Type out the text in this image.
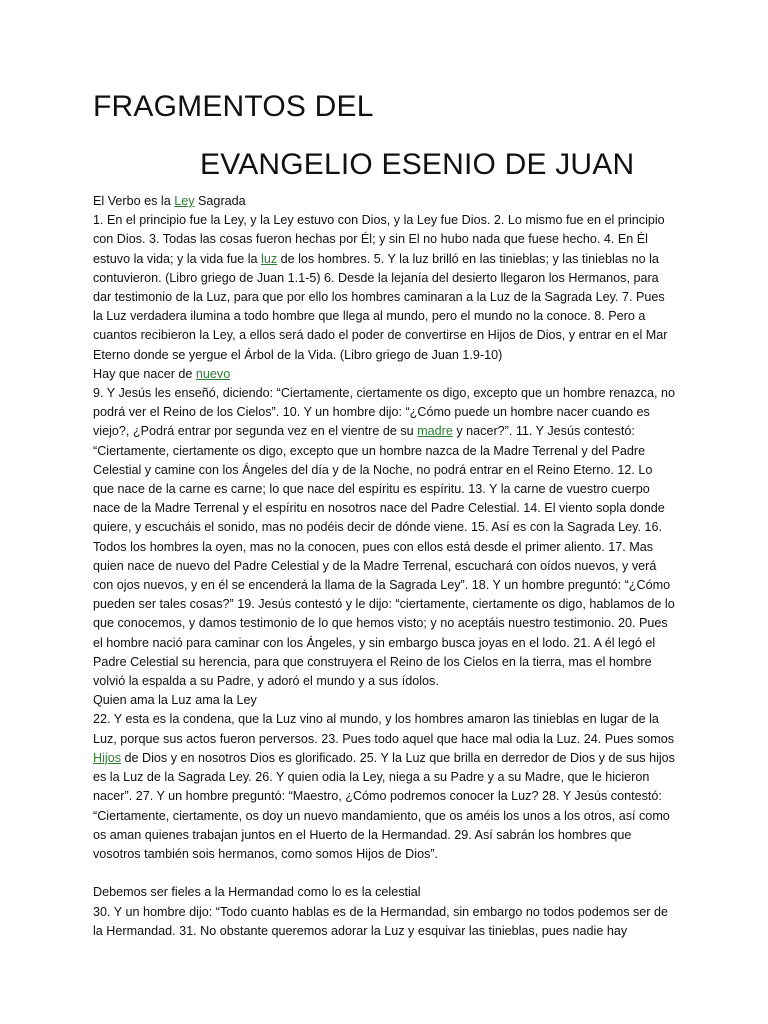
FRAGMENTOS DEL
EVANGELIO ESENIO DE JUAN

El Verbo es la Ley Sagrada

1. En el principio fue la Ley, y la Ley estuvo con Dios, y la Ley fue Dios. 2. Lo mismo fue en el principio con Dios. 3. Todas las cosas fueron hechas por Él; y sin El no hubo nada que fuese hecho. 4. En Él estuvo la vida; y la vida fue la luz de los hombres. 5. Y la luz brilló en las tinieblas; y las tinieblas no la contuvieron. (Libro griego de Juan 1.1-5) 6. Desde la lejanía del desierto llegaron los Hermanos, para dar testimonio de la Luz, para que por ello los hombres caminaran a la Luz de la Sagrada Ley. 7. Pues la Luz verdadera ilumina a todo hombre que llega al mundo, pero el mundo no la conoce. 8. Pero a cuantos recibieron la Ley, a ellos será dado el poder de convertirse en Hijos de Dios, y entrar en el Mar Eterno donde se yergue el Árbol de la Vida. (Libro griego de Juan 1.9-10)

Hay que nacer de nuevo

9. Y Jesús les enseñó, diciendo: “Ciertamente, ciertamente os digo, excepto que un hombre renazca, no podrá ver el Reino de los Cielos”. 10. Y un hombre dijo: “¿Cómo puede un hombre nacer cuando es viejo?, ¿Podrá entrar por segunda vez en el vientre de su madre y nacer?”. 11. Y Jesús contestó: “Ciertamente, ciertamente os digo, excepto que un hombre nazca de la Madre Terrenal y del Padre Celestial y camine con los Ángeles del día y de la Noche, no podrá entrar en el Reino Eterno. 12. Lo que nace de la carne es carne; lo que nace del espíritu es espíritu. 13. Y la carne de vuestro cuerpo nace de la Madre Terrenal y el espíritu en nosotros nace del Padre Celestial. 14. El viento sopla donde quiere, y escucháis el sonido, mas no podéis decir de dónde viene. 15. Así es con la Sagrada Ley. 16. Todos los hombres la oyen, mas no la conocen, pues con ellos está desde el primer aliento. 17. Mas quien nace de nuevo del Padre Celestial y de la Madre Terrenal, escuchará con oídos nuevos, y verá con ojos nuevos, y en él se encenderá la llama de la Sagrada Ley”. 18. Y un hombre preguntó: “¿Cómo pueden ser tales cosas?” 19. Jesús contestó y le dijo: “ciertamente, ciertamente os digo, hablamos de lo que conocemos, y damos testimonio de lo que hemos visto; y no aceptáis nuestro testimonio. 20. Pues el hombre nació para caminar con los Ángeles, y sin embargo busca joyas en el lodo. 21. A él legó el Padre Celestial su herencia, para que construyera el Reino de los Cielos en la tierra, mas el hombre volvió la espalda a su Padre, y adoró el mundo y a sus ídolos.

Quien ama la Luz ama la Ley

22. Y esta es la condena, que la Luz vino al mundo, y los hombres amaron las tinieblas en lugar de la Luz, porque sus actos fueron perversos. 23. Pues todo aquel que hace mal odia la Luz. 24. Pues somos Hijos de Dios y en nosotros Dios es glorificado. 25. Y la Luz que brilla en derredor de Dios y de sus hijos es la Luz de la Sagrada Ley. 26. Y quien odia la Ley, niega a su Padre y a su Madre, que le hicieron nacer”. 27. Y un hombre preguntó: “Maestro, ¿Cómo podremos conocer la Luz? 28. Y Jesús contestó: “Ciertamente, ciertamente, os doy un nuevo mandamiento, que os améis los unos a los otros, así como os aman quienes trabajan juntos en el Huerto de la Hermandad. 29. Así sabrán los hombres que vosotros también sois hermanos, como somos Hijos de Dios”.

Debemos ser fieles a la Hermandad como lo es la celestial

30. Y un hombre dijo: “Todo cuanto hablas es de la Hermandad, sin embargo no todos podemos ser de la Hermandad. 31. No obstante queremos adorar la Luz y esquivar las tinieblas, pues nadie hay
